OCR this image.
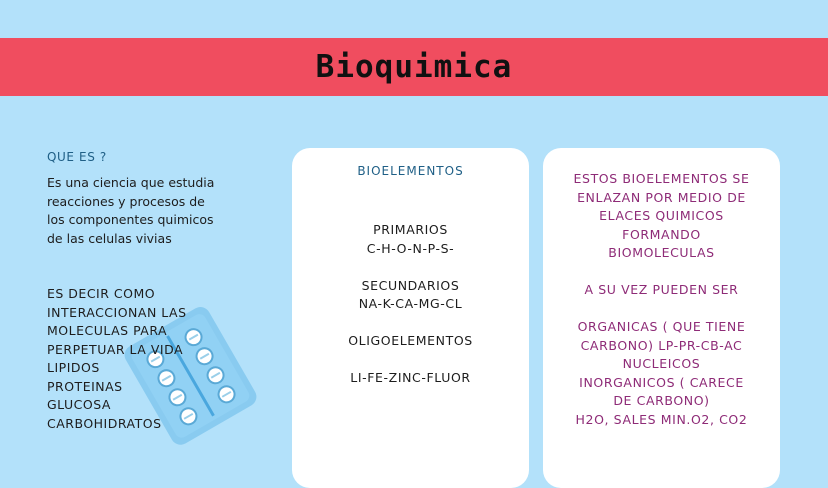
Bioquimica
QUE ES ?
Es una ciencia que estudia
reacciones y procesos de
los componentes quimicos
de las celulas vivias
ES DECIR COMO
INTERACCIONAN LAS
MOLECULAS PARA
PERPETUAR LA VIDA
LIPIDOS
PROTEINAS
GLUCOSA
CARBOHIDRATOS
BIOELEMENTOS
PRIMARIOS
C-H-O-N-P-S-
SECUNDARIOS
NA-K-CA-MG-CL
OLIGOELEMENTOS
LI-FE-ZINC-FLUOR
ESTOS BIOELEMENTOS SE
ENLAZAN POR MEDIO DE
ELACES QUIMICOS
FORMANDO
BIOMOLECULAS
A SU VEZ PUEDEN SER
ORGANICAS ( QUE TIENE
CARBONO) LP-PR-CB-AC
NUCLEICOS
INORGANICOS ( CARECE
DE CARBONO)
H2O, SALES MIN.O2, CO2
